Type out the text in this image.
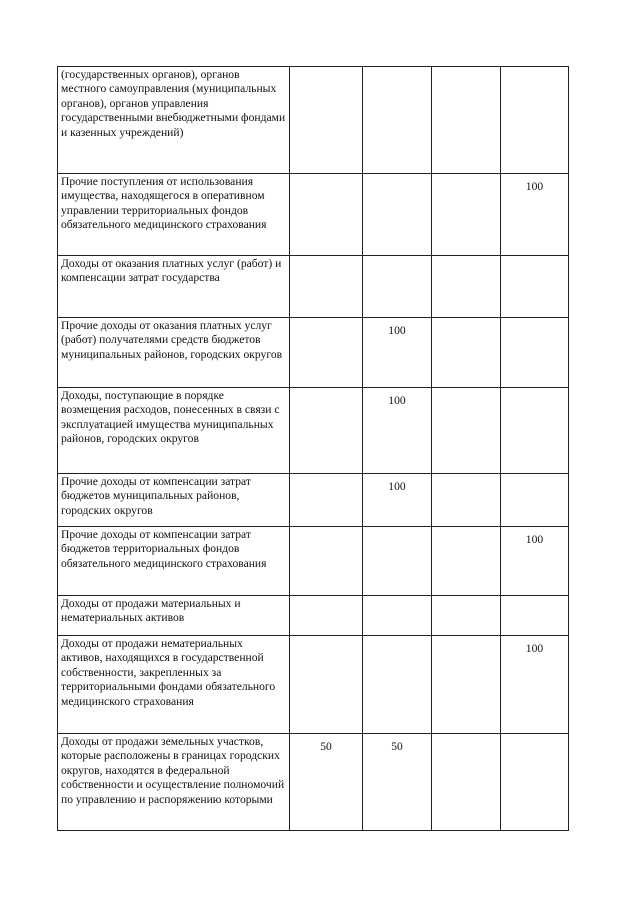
(государственных органов), органов местного самоуправления (муниципальных органов), органов управления государственными внебюджетными фондами и казенных учреждений)				
Прочие поступления от использования имущества, находящегося в оперативном управлении территориальных фондов обязательного медицинского страхования				100
Доходы от оказания платных услуг (работ) и компенсации затрат государства				
Прочие доходы от оказания платных услуг (работ) получателями средств бюджетов муниципальных районов, городских округов		100		
Доходы, поступающие в порядке возмещения расходов, понесенных в связи с эксплуатацией имущества муниципальных районов, городских округов		100		
Прочие доходы от компенсации затрат бюджетов муниципальных районов, городских округов		100		
Прочие доходы от компенсации затрат бюджетов территориальных фондов обязательного медицинского страхования				100
Доходы от продажи материальных и нематериальных активов				
Доходы от продажи нематериальных активов, находящихся в государственной собственности, закрепленных за территориальными фондами обязательного медицинского страхования				100
Доходы от продажи земельных участков, которые расположены в границах городских округов, находятся в федеральной собственности и осуществление полномочий по управлению и распоряжению которыми	50	50		
